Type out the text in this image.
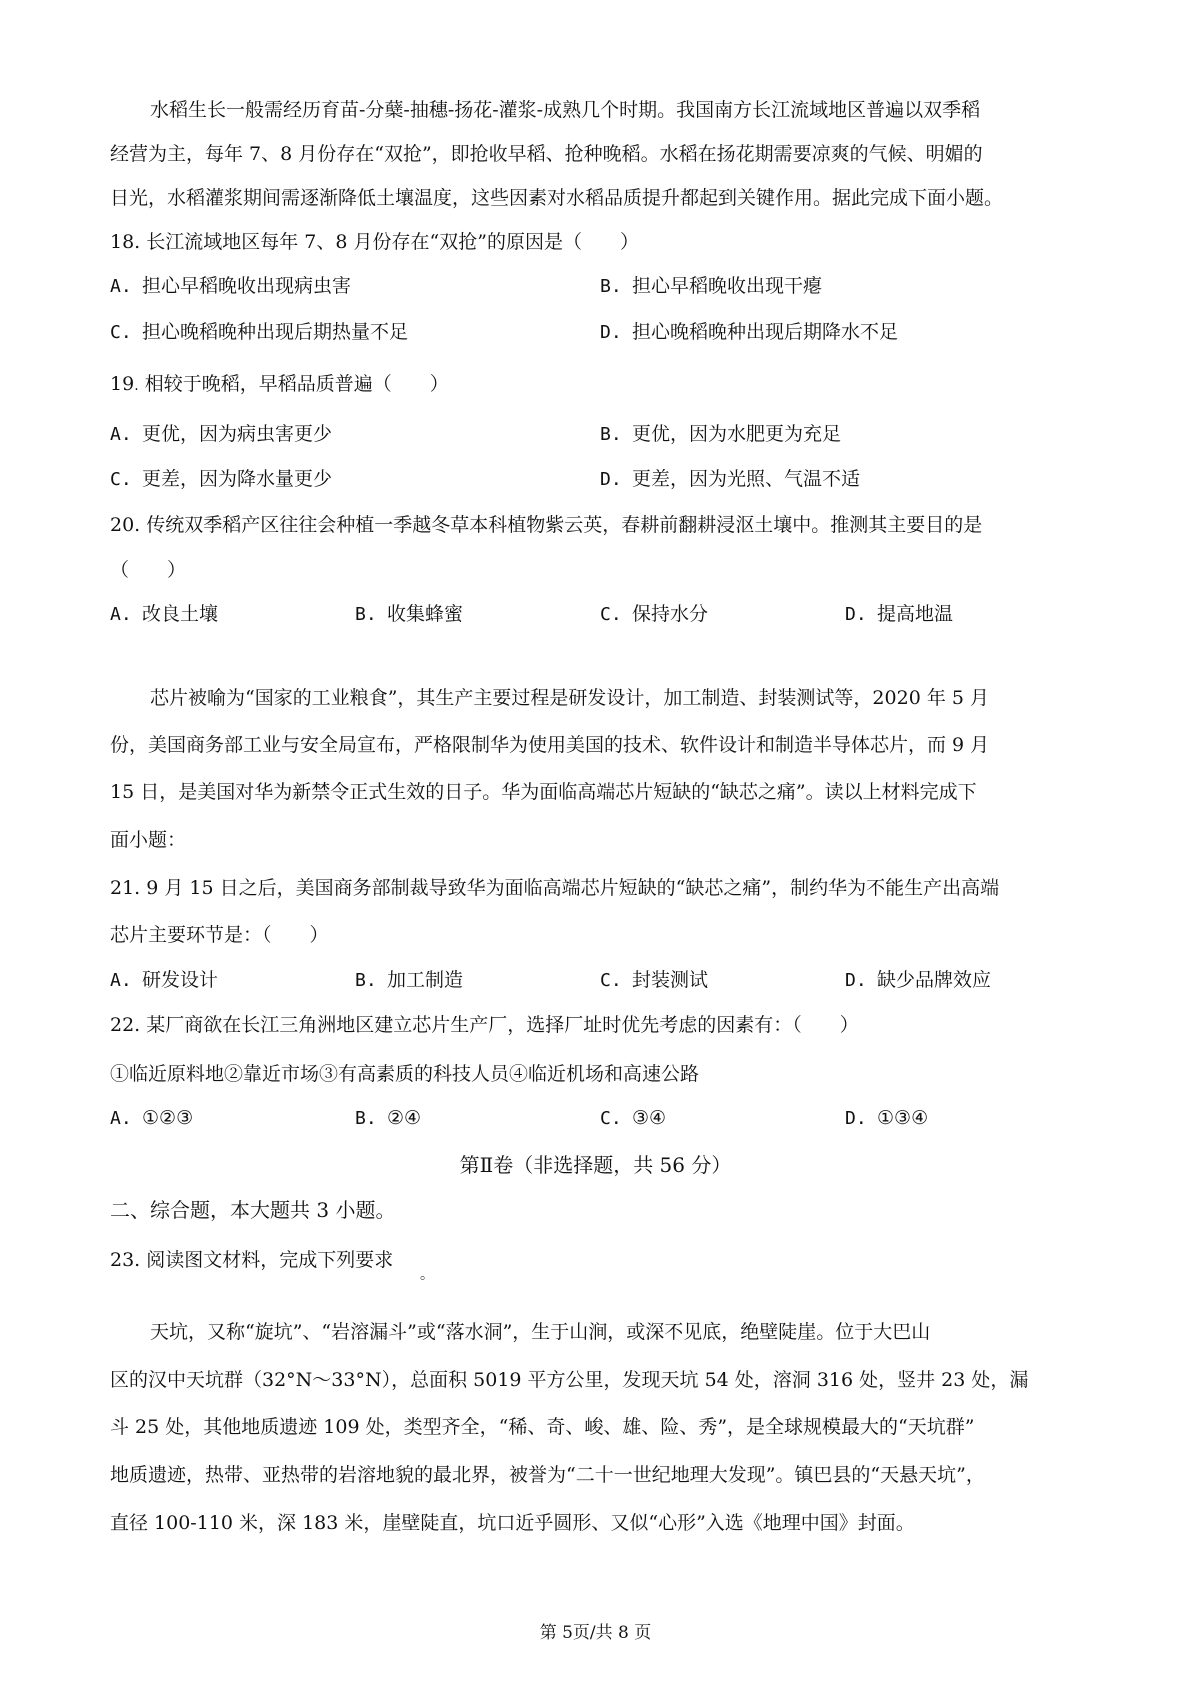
水稻生长一般需经历育苗-分蘖-抽穗-扬花-灌浆-成熟几个时期。我国南方长江流域地区普遍以双季稻
经营为主，每年 7、8 月份存在“双抢”，即抢收早稻、抢种晚稻。水稻在扬花期需要凉爽的气候、明媚的
日光，水稻灌浆期间需逐渐降低土壤温度，这些因素对水稻品质提升都起到关键作用。据此完成下面小题。
18. 长江流域地区每年 7、8 月份存在“双抢”的原因是（　　）
A. 担心早稻晚收出现病虫害	B. 担心早稻晚收出现干瘪
C. 担心晚稻晚种出现后期热量不足	D. 担心晚稻晚种出现后期降水不足
19. 相较于晚稻，早稻品质普遍（　　）
A. 更优，因为病虫害更少	B. 更优，因为水肥更为充足
C. 更差，因为降水量更少	D. 更差，因为光照、气温不适
20. 传统双季稻产区往往会种植一季越冬草本科植物紫云英，春耕前翻耕浸沤土壤中。推测其主要目的是
（　　）
A. 改良土壤	B. 收集蜂蜜	C. 保持水分	D. 提高地温
芯片被喻为“国家的工业粮食”，其生产主要过程是研发设计，加工制造、封装测试等，2020 年 5 月
份，美国商务部工业与安全局宣布，严格限制华为使用美国的技术、软件设计和制造半导体芯片，而 9 月
15 日，是美国对华为新禁令正式生效的日子。华为面临高端芯片短缺的“缺芯之痛”。读以上材料完成下
面小题：
21. 9 月 15 日之后，美国商务部制裁导致华为面临高端芯片短缺的“缺芯之痛”，制约华为不能生产出高端
芯片主要环节是：（　　）
A. 研发设计	B. 加工制造	C. 封装测试	D. 缺少品牌效应
22. 某厂商欲在长江三角洲地区建立芯片生产厂，选择厂址时优先考虑的因素有：（　　）
①临近原料地②靠近市场③有高素质的科技人员④临近机场和高速公路
A. ①②③	B. ②④	C. ③④	D. ①③④
第Ⅱ卷（非选择题，共 56 分）
二、综合题，本大题共 3 小题。
23. 阅读图文材料，完成下列要求
。
天坑，又称“旋坑”、“岩溶漏斗”或“落水洞”，生于山涧，或深不见底，绝壁陡崖。位于大巴山
区的汉中天坑群（32°N～33°N），总面积 5019 平方公里，发现天坑 54 处，溶洞 316 处，竖井 23 处，漏
斗 25 处，其他地质遗迹 109 处，类型齐全，“稀、奇、峻、雄、险、秀”，是全球规模最大的“天坑群”
地质遗迹，热带、亚热带的岩溶地貌的最北界，被誉为“二十一世纪地理大发现”。镇巴县的“天悬天坑”，
直径 100-110 米，深 183 米，崖壁陡直，坑口近乎圆形、又似“心形”入选《地理中国》封面。
第 5页/共 8 页
